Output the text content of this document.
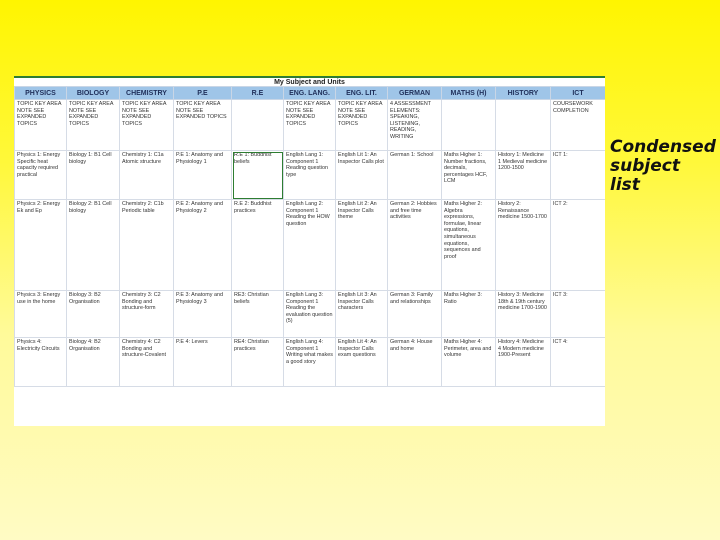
My Subject and Units
PHYSICS	BIOLOGY	CHEMISTRY	P.E	R.E	ENG. LANG.	ENG. LIT.	GERMAN	MATHS (H)	HISTORY	ICT
TOPIC KEY AREA NOTE SEE EXPANDED TOPICS	TOPIC KEY AREA NOTE SEE EXPANDED TOPICS	TOPIC KEY AREA NOTE SEE EXPANDED TOPICS	TOPIC KEY AREA NOTE SEE EXPANDED TOPICS		TOPIC KEY AREA NOTE SEE EXPANDED TOPICS	TOPIC KEY AREA NOTE SEE EXPANDED TOPICS	4 ASSESSMENT ELEMENTS: SPEAKING, LISTENING, READING, WRITING			COURSEWORK COMPLETION
Physics 1: Energy Specific heat capacity required practical	Biology 1: B1 Cell biology	Chemistry 1: C1a Atomic structure	P.E 1: Anatomy and Physiology 1	R.E 1: Buddhist beliefs	English Lang 1: Component 1 Reading question type	English Lit 1: An Inspector Calls plot	German 1: School	Maths Higher 1: Number fractions, decimals, percentages HCF, LCM	History 1: Medicine 1 Medieval medicine 1200-1500	ICT 1:
Physics 2: Energy Ek and Ep	Biology 2: B1 Cell biology	Chemistry 2: C1b Periodic table	P.E 2: Anatomy and Physiology 2	R.E 2: Buddhist practices	English Lang 2: Component 1 Reading the HOW question	English Lit 2: An Inspector Calls theme	German 2: Hobbies and free time activities	Maths Higher 2: Algebra expressions, formulae, linear equations, simultaneous equations, sequences and proof	History 2: Renaissance medicine 1500-1700	ICT 2:
Physics 3: Energy use in the home	Biology 3: B2 Organisation	Chemistry 3: C2 Bonding and structure-form	P.E 3: Anatomy and Physiology 3	RE3: Christian beliefs	English Lang 3: Component 1 Reading the evaluation question (5)	English Lit 3: An Inspector Calls characters	German 3: Family and relationships	Maths Higher 3: Ratio	History 3: Medicine 18th & 19th century medicine 1700-1900	ICT 3:
Physics 4: Electricity Circuits	Biology 4: B2 Organisation	Chemistry 4: C2 Bonding and structure-Covalent	P.E 4: Levers	RE4: Christian practices	English Lang 4: Component 1 Writing what makes a good story	English Lit 4: An Inspector Calls exam questions	German 4: House and home	Maths Higher 4: Perimeter, area and volume	History 4: Medicine 4 Modern medicine 1900-Present	ICT 4:
Condensed
subject
list
